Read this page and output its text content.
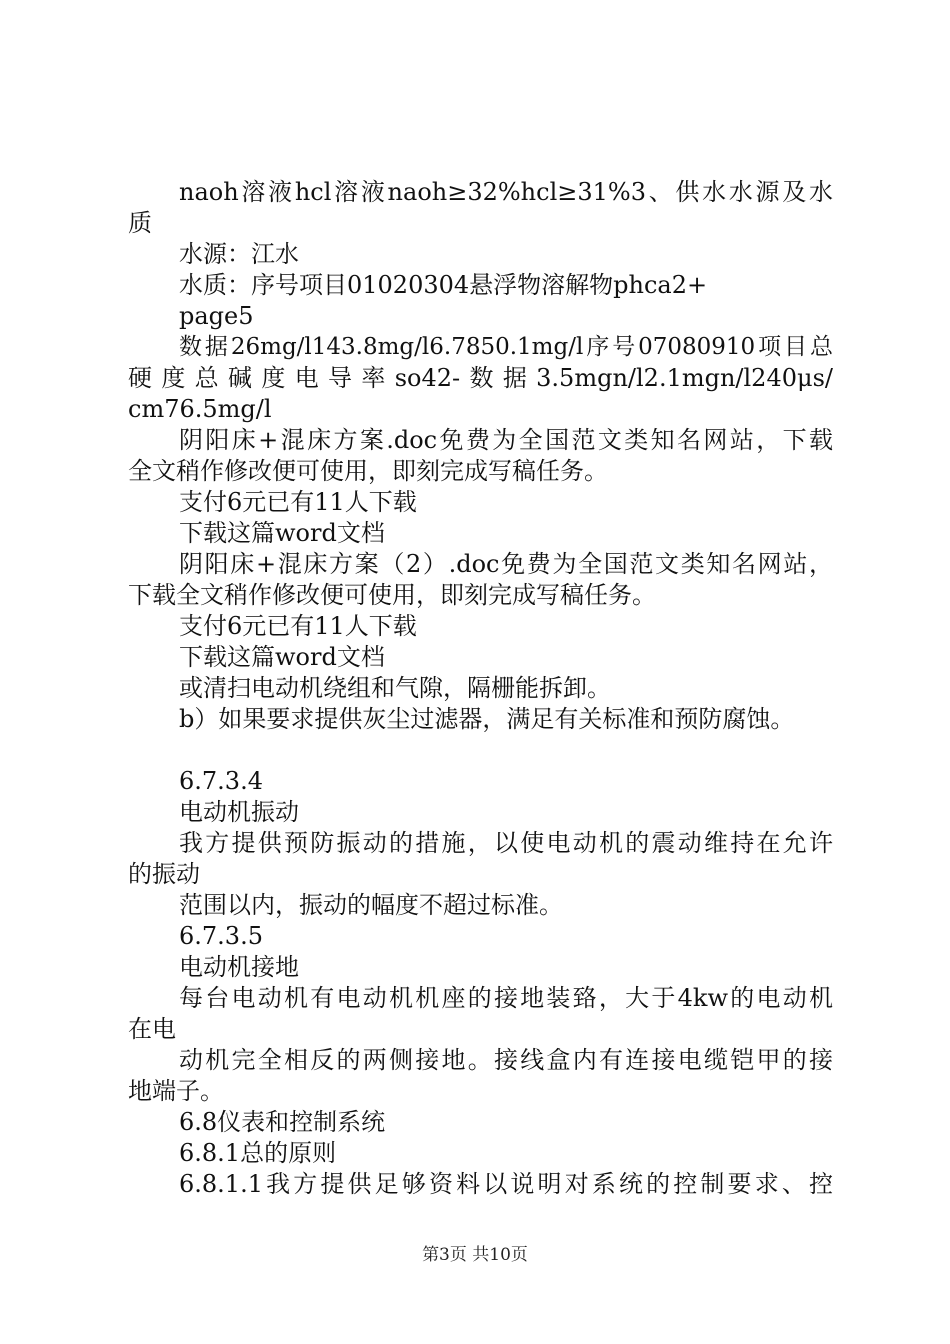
naoh溶液hcl溶液naoh≥32%hcl≥31%3、供水水源及水

质

水源：江水

水质：序号项目01020304悬浮物溶解物phca2+

page5

数据26mg/l143.8mg/l6.7850.1mg/l序号07080910项目总

硬度总碱度电导率so42-数据3.5mgn/l2.1mgn/l240μs/

cm76.5mg/l

阴阳床+混床方案.doc免费为全国范文类知名网站，下载

全文稍作修改便可使用，即刻完成写稿任务。

支付6元已有11人下载

下载这篇word文档

阴阳床+混床方案（2）.doc免费为全国范文类知名网站，

下载全文稍作修改便可使用，即刻完成写稿任务。

支付6元已有11人下载

下载这篇word文档

或清扫电动机绕组和气隙，隔栅能拆卸。

b）如果要求提供灰尘过滤器，满足有关标准和预防腐蚀。

6.7.3.4

电动机振动

我方提供预防振动的措施，以使电动机的震动维持在允许

的振动

范围以内，振动的幅度不超过标准。

6.7.3.5

电动机接地

每台电动机有电动机机座的接地装臵，大于4kw的电动机

在电

动机完全相反的两侧接地。接线盒内有连接电缆铠甲的接

地端子。

6.8仪表和控制系统

6.8.1总的原则

6.8.1.1我方提供足够资料以说明对系统的控制要求、控

第3页 共10页
